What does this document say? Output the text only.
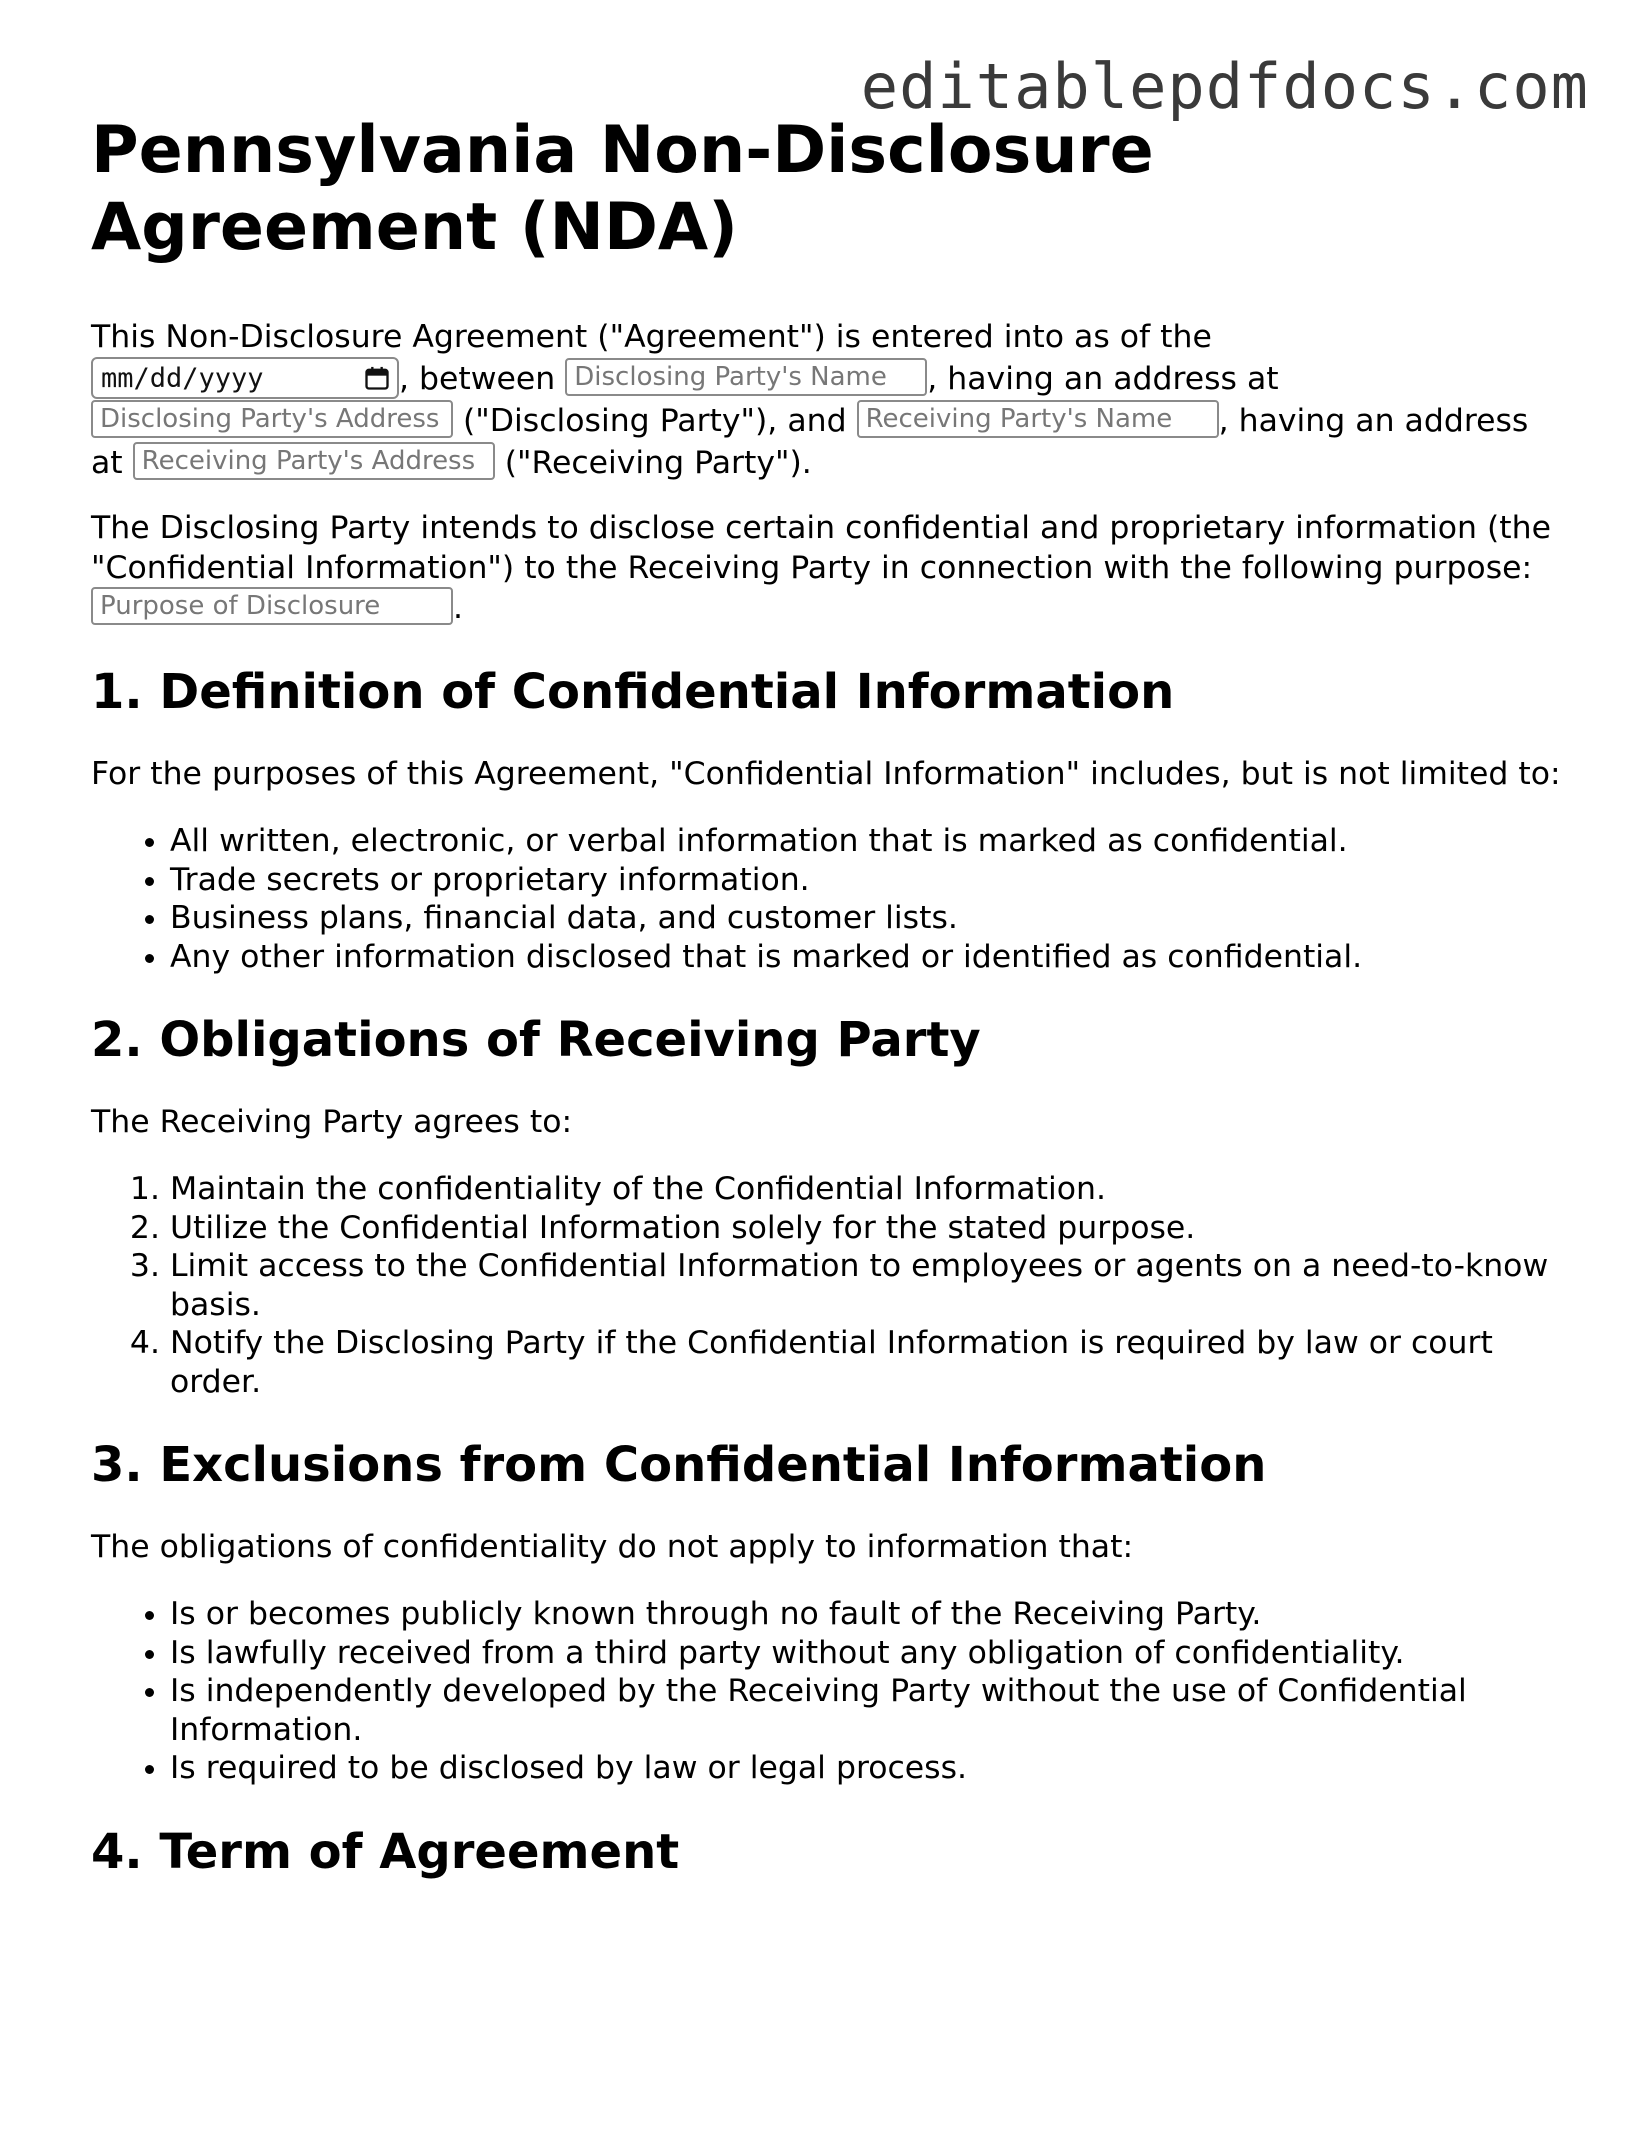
editablepdfdocs.com
Pennsylvania Non-Disclosure Agreement (NDA)

This Non-Disclosure Agreement ("Agreement") is entered into as of the

mm/dd/yyyy
, between Disclosing Party's Name	, having an address at
Disclosing Party's Address ("Disclosing Party"), and Receiving Party's Name	, having an address at Receiving Party's Address	("Receiving Party").

The Disclosing Party intends to disclose certain confidential and proprietary information (the "Confidential Information") to the Receiving Party in connection with the following purpose: Purpose of Disclosure.

1. Definition of Confidential Information

For the purposes of this Agreement, "Confidential Information" includes, but is not limited to:

• All written, electronic, or verbal information that is marked as confidential.
• Trade secrets or proprietary information.
• Business plans, financial data, and customer lists.
• Any other information disclosed that is marked or identified as confidential.
2. Obligations of Receiving Party

The Receiving Party agrees to:

1. Maintain the confidentiality of the Confidential Information.
2. Utilize the Confidential Information solely for the stated purpose.
3. Limit access to the Confidential Information to employees or agents on a need-to-know basis.
4. Notify the Disclosing Party if the Confidential Information is required by law or court order.
3. Exclusions from Confidential Information

The obligations of confidentiality do not apply to information that:

• Is or becomes publicly known through no fault of the Receiving Party.
• Is lawfully received from a third party without any obligation of confidentiality.
• Is independently developed by the Receiving Party without the use of Confidential Information.
• Is required to be disclosed by law or legal process.
4. Term of Agreement
